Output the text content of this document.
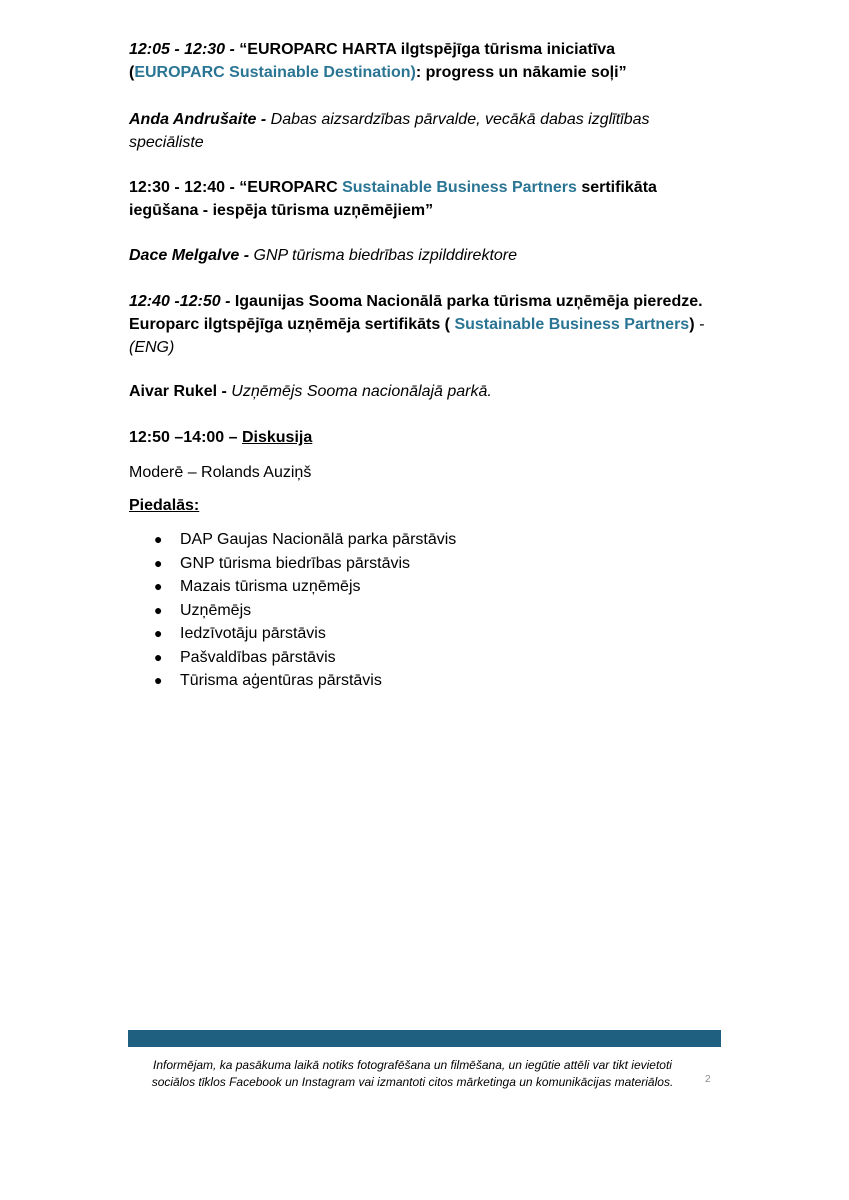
12:05 - 12:30 - “EUROPARC HARTA ilgtspējīga tūrisma iniciatīva (EUROPARC Sustainable Destination): progress un nākamie soļi”
Anda Andrušaite - Dabas aizsardzības pārvalde, vecākā dabas izglītības speciāliste
12:30 - 12:40 - “EUROPARC Sustainable Business Partners sertifikāta iegūšana - iespēja tūrisma uzņēmējiem”
Dace Melgalve - GNP tūrisma biedrības izpilddirektore
12:40 -12:50 - Igaunijas Sooma Nacionālā parka tūrisma uzņēmēja pieredze. Europarc ilgtspējīga uzņēmēja sertifikāts ( Sustainable Business Partners) - (ENG)
Aivar Rukel - Uzņēmējs Sooma nacionālajā parkā.
12:50 –14:00 – Diskusija
Moderē – Rolands Auziņš
Piedalās:
● DAP Gaujas Nacionālā parka pārstāvis
● GNP tūrisma biedrības pārstāvis
● Mazais tūrisma uzņēmējs
● Uzņēmējs
● Iedzīvotāju pārstāvis
● Pašvaldības pārstāvis
● Tūrisma aģentūras pārstāvis
Informējam, ka pasākuma laikā notiks fotografēšana un filmēšana, un iegūtie attēli var tikt ievietoti sociālos tīklos Facebook un Instagram vai izmantoti citos mārketinga un komunikācijas materiālos.	2
